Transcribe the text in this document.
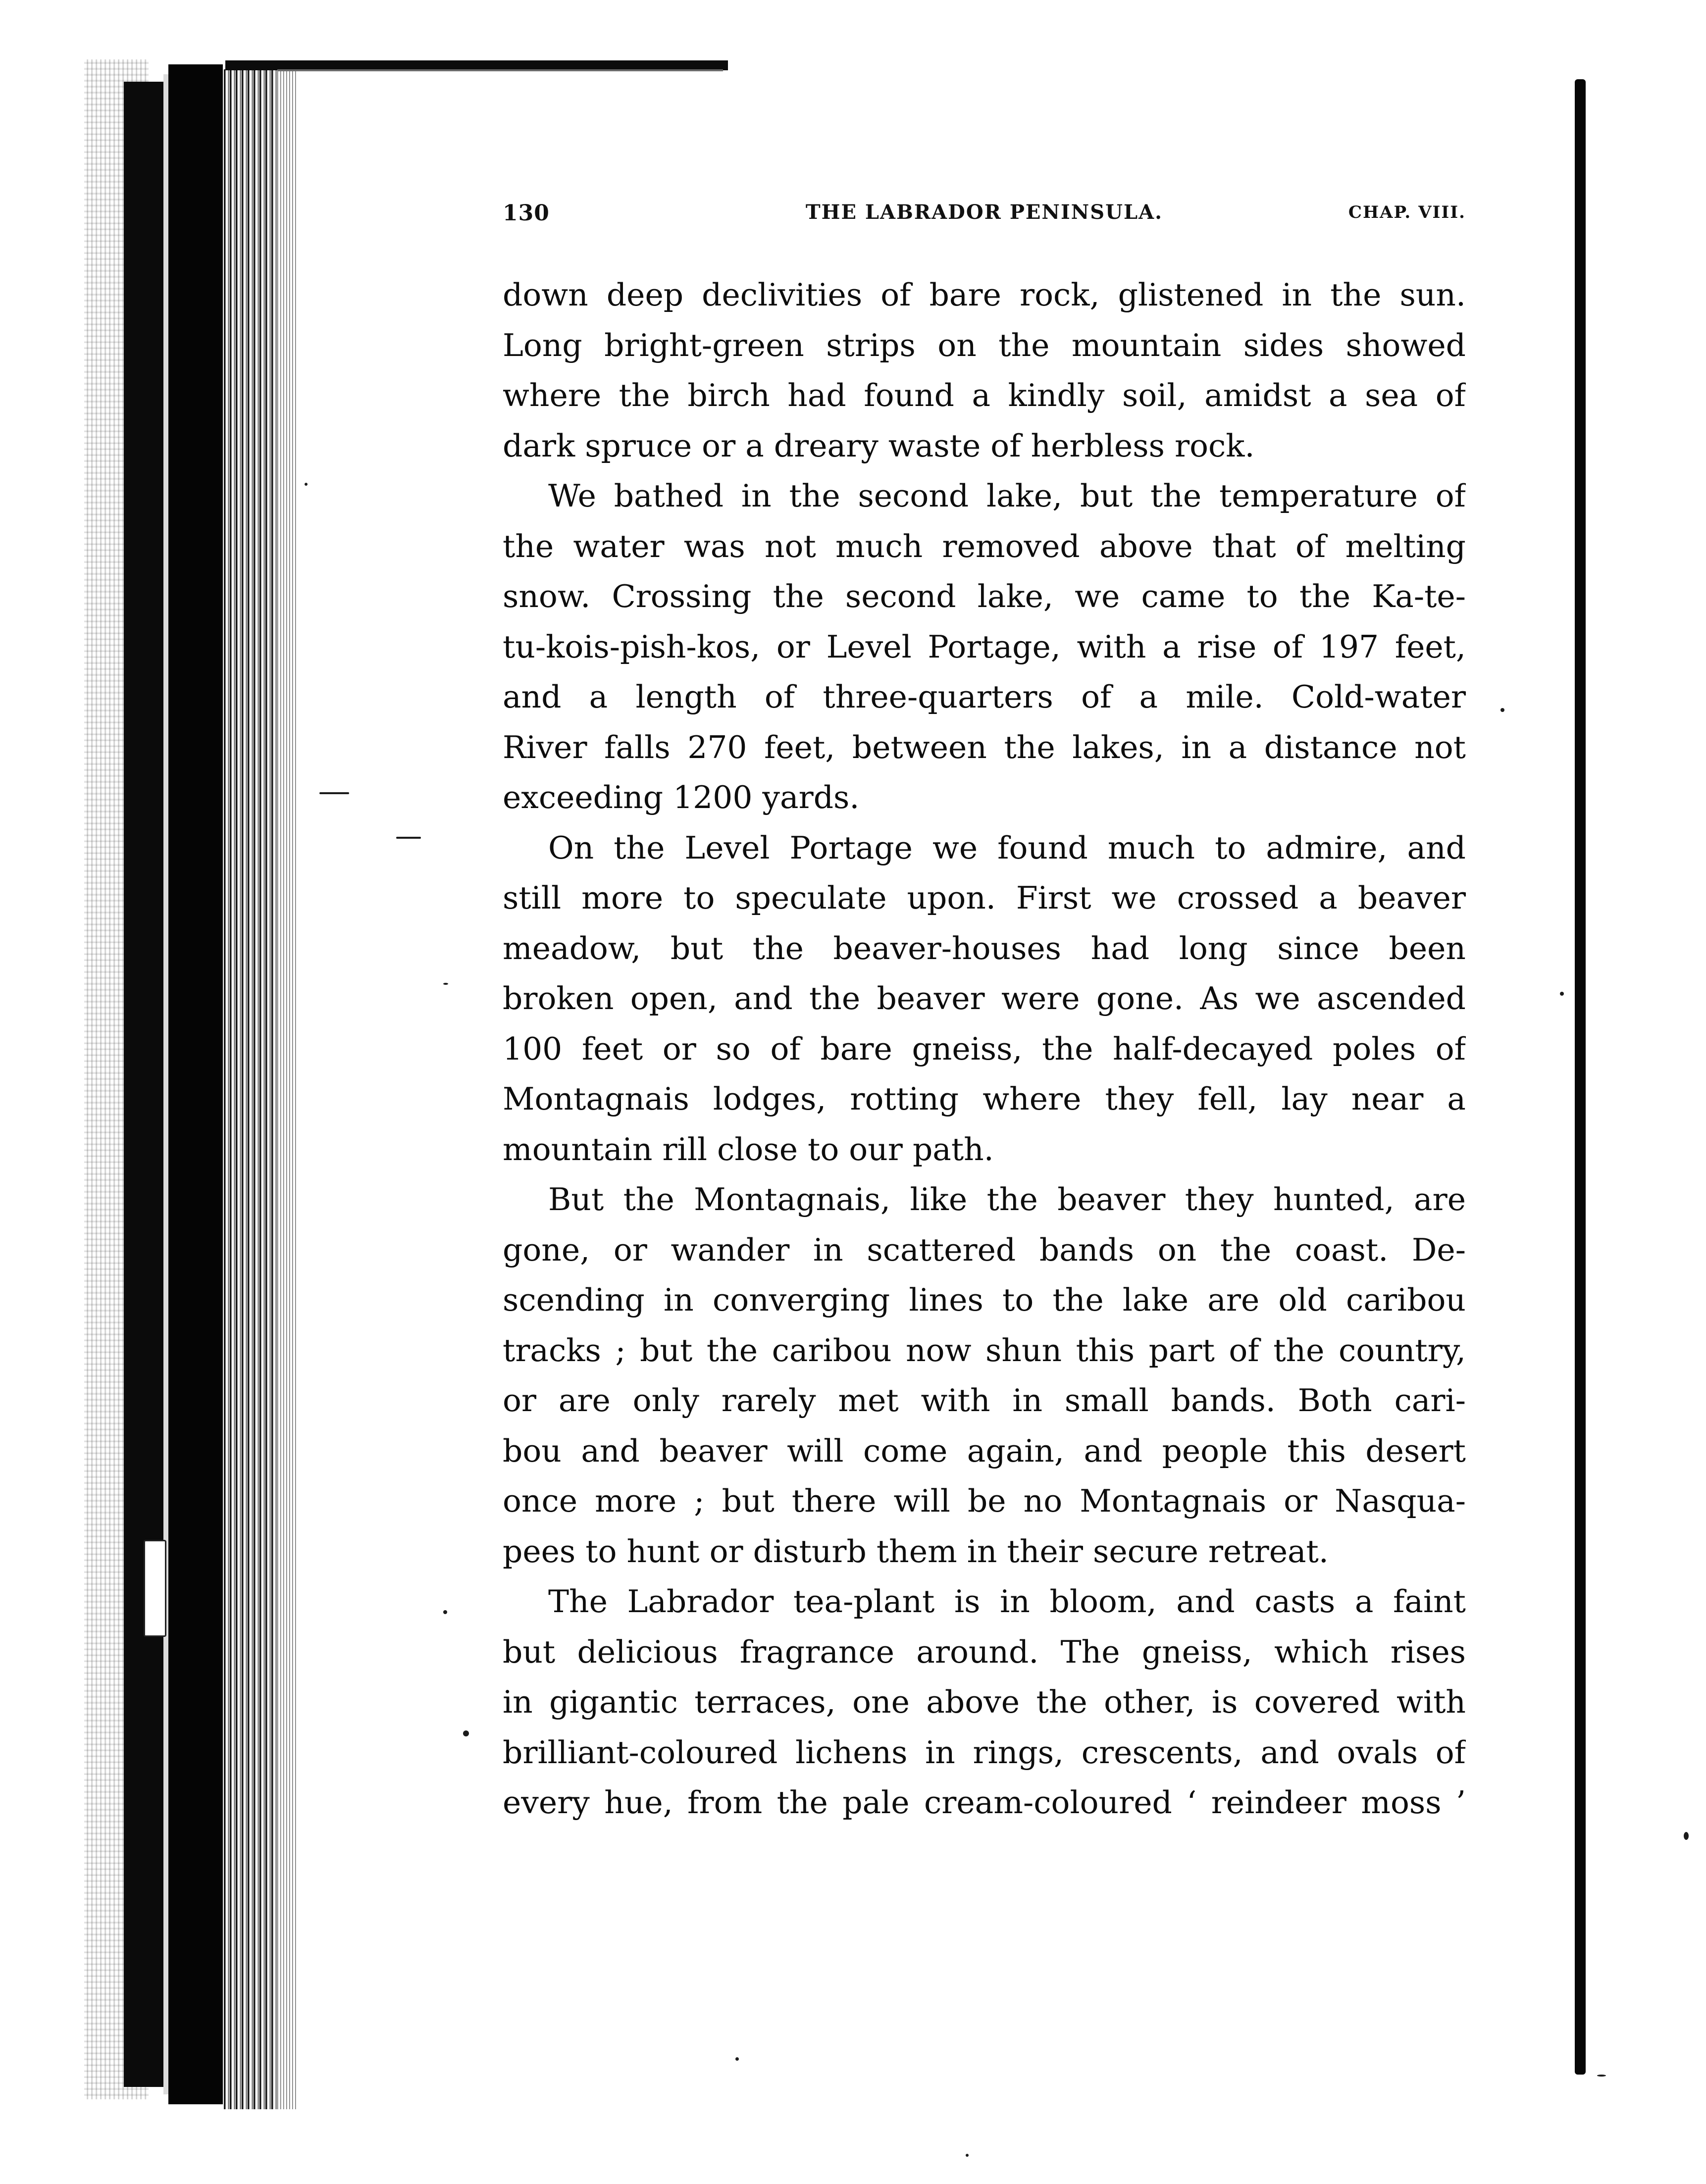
130	THE LABRADOR PENINSULA.	CHAP. VIII.
down deep declivities of bare rock, glistened in the sun.
Long bright-green strips on the mountain sides showed
where the birch had found a kindly soil, amidst a sea of
dark spruce or a dreary waste of herbless rock.
We bathed in the second lake, but the temperature of
the water was not much removed above that of melting
snow. Crossing the second lake, we came to the Ka-te-
tu-kois-pish-kos, or Level Portage, with a rise of 197 feet,
and a length of three-quarters of a mile. Cold-water
River falls 270 feet, between the lakes, in a distance not
exceeding 1200 yards.
On the Level Portage we found much to admire, and
still more to speculate upon. First we crossed a beaver
meadow, but the beaver-houses had long since been
broken open, and the beaver were gone. As we ascended
100 feet or so of bare gneiss, the half-decayed poles of
Montagnais lodges, rotting where they fell, lay near a
mountain rill close to our path.
But the Montagnais, like the beaver they hunted, are
gone, or wander in scattered bands on the coast. De-
scending in converging lines to the lake are old caribou
tracks ; but the caribou now shun this part of the country,
or are only rarely met with in small bands. Both cari-
bou and beaver will come again, and people this desert
once more ; but there will be no Montagnais or Nasqua-
pees to hunt or disturb them in their secure retreat.
The Labrador tea-plant is in bloom, and casts a faint
but delicious fragrance around. The gneiss, which rises
in gigantic terraces, one above the other, is covered with
brilliant-coloured lichens in rings, crescents, and ovals of
every hue, from the pale cream-coloured ‘ reindeer moss ’
